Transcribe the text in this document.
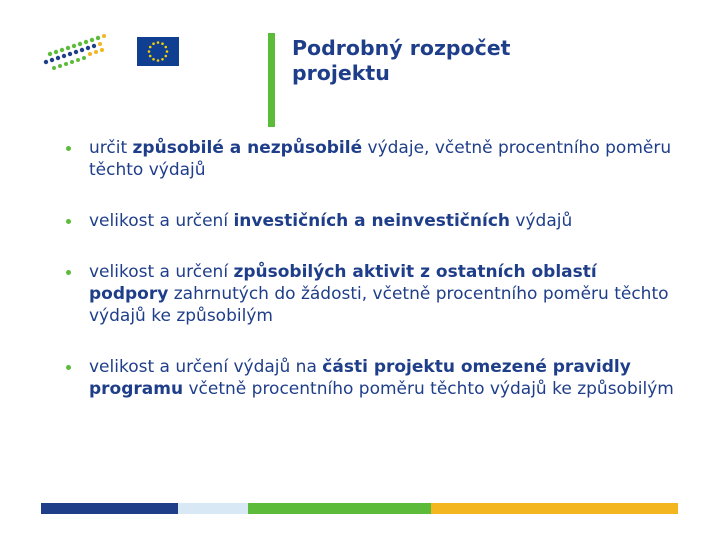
Podrobný rozpočet
projektu
určit způsobilé a nezpůsobilé výdaje, včetně procentního poměru těchto výdajů
velikost a určení investičních a neinvestičních výdajů
velikost a určení způsobilých aktivit z ostatních oblastí podpory zahrnutých do žádosti, včetně procentního poměru těchto výdajů ke způsobilým
velikost a určení výdajů na části projektu omezené pravidly programu včetně procentního poměru těchto výdajů ke způsobilým
